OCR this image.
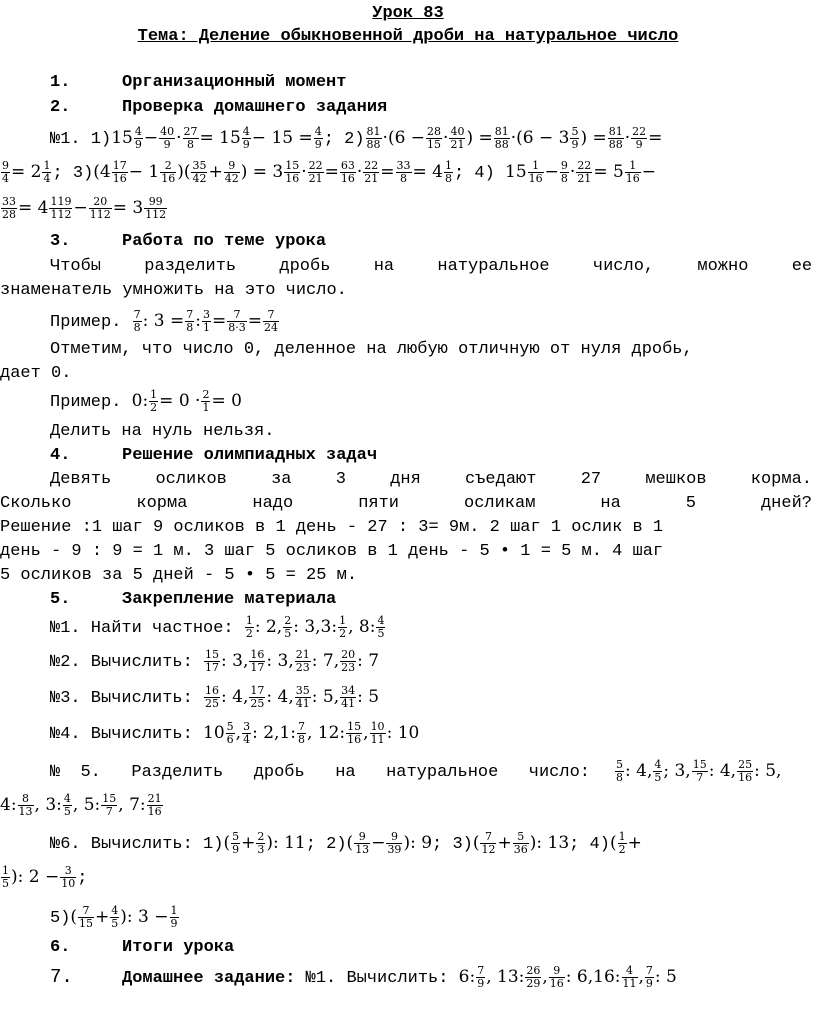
Урок 83
Тема: Деление обыкновенной дроби на натуральное число
1.	Организационный момент
2.	Проверка домашнего задания
№1. $1)15 \frac{4}{9} - \frac{40}{9} \cdot \frac{27}{8} = 15 \frac{4}{9} - 15 = \frac{4}{9}$ ; $2) \frac{81}{88} \cdot(6 - \frac{28}{15} \cdot \frac{40}{21}$ ) = $\frac{81}{88} \cdot(6 - 3 \frac{5}{9}$ ) = $\frac{81}{88} \cdot \frac{22}{9}$ =
$\frac{9}{4} = 2 \frac{1}{4}$ ; $3)(4 \frac{17}{16} - 1 \frac{2}{16}$ )( $\frac{35}{42} + \frac{9}{42}$ ) = $3 \frac{15}{16} \cdot \frac{22}{21} = \frac{63}{16} \cdot \frac{22}{21} = \frac{33}{8} = 4 \frac{1}{8}$ ; 4) $15 \frac{1}{16} - \frac{9}{8} \cdot \frac{22}{21} = 5 \frac{1}{16}$ −
$\frac{33}{28} = 4 \frac{119}{112} - \frac{20}{112} = 3 \frac{99}{112}$
3.	Работа по теме урока
Чтобы	разделить	дробь	на	натуральное	число,	можно	ее
знаменатель умножить на это число.
Пример. $\frac{7}{8}$ : $3 = \frac{7}{8}$ : $\frac{3}{1} = \frac{7}{8\cdot 3} = \frac{7}{24}$
Отметим, что число 0, деленное на любую отличную от нуля дробь,
дает 0.
Пример. 0: $\frac{1}{2} = 0 \cdot \frac{2}{1} = 0$
Делить на нуль нельзя.
4.	Решение олимпиадных задач
Девять	осликов	за	3	дня	съедают	27	мешков	корма.
Сколько	корма	надо	пяти	осликам	на	5	дней?
Решение :1 шаг 9 осликов в 1 день - 27 : 3= 9м. 2 шаг 1 ослик в 1
день - 9 : 9 = 1 м. 3 шаг 5 осликов в 1 день - 5 • 1 = 5 м. 4 шаг
5 осликов за 5 дней - 5 • 5 = 25 м.
5.	Закрепление материала
№1. Найти частное: $\frac{1}{2}$ : 2, $\frac{2}{5}$ : 3,3: $\frac{1}{2}$ , 8: $\frac{4}{5}$
№2. Вычислить: $\frac{15}{17}$ : 3, $\frac{16}{17}$ : 3, $\frac{21}{23}$ : 7, $\frac{20}{23}$ : 7
№3. Вычислить: $\frac{16}{25}$ : 4, $\frac{17}{25}$ : 4, $\frac{35}{41}$ : 5, $\frac{34}{41}$ : 5
№4. Вычислить: $10 \frac{5}{6}$ , $\frac{3}{4}$ : 2,1: $\frac{7}{8}$ , 12: $\frac{15}{16}$ , $\frac{10}{11}$ : 10
№5. Разделить дробь на натуральное число: $\frac{5}{8}$ : 4, $\frac{4}{5}$ ; 3, $\frac{15}{7}$ : 4, $\frac{25}{16}$ : 5,
4: $\frac{8}{13}$ , 3: $\frac{4}{5}$ , 5: $\frac{15}{7}$ , 7: $\frac{21}{16}$
№6. Вычислить: $1)( \frac{5}{9} + \frac{2}{3}$ ): 11; $2)( \frac{9}{13} - \frac{9}{39}$ ): 9; $3)( \frac{7}{12} + \frac{5}{36}$ ): 13; $4)( \frac{1}{2}$ +
$\frac{1}{5}$ ): $2 - \frac{3}{10}$ ;
$5)( \frac{7}{15} + \frac{4}{5}$ ): $3 - \frac{1}{9}$
6.	Итоги урока
7.	Домашнее задание: №1. Вычислить: 6: $\frac{7}{9}$ , 13: $\frac{26}{29}$ , $\frac{9}{16}$ : 6,16: $\frac{4}{11}$ , $\frac{7}{9}$ : 5
